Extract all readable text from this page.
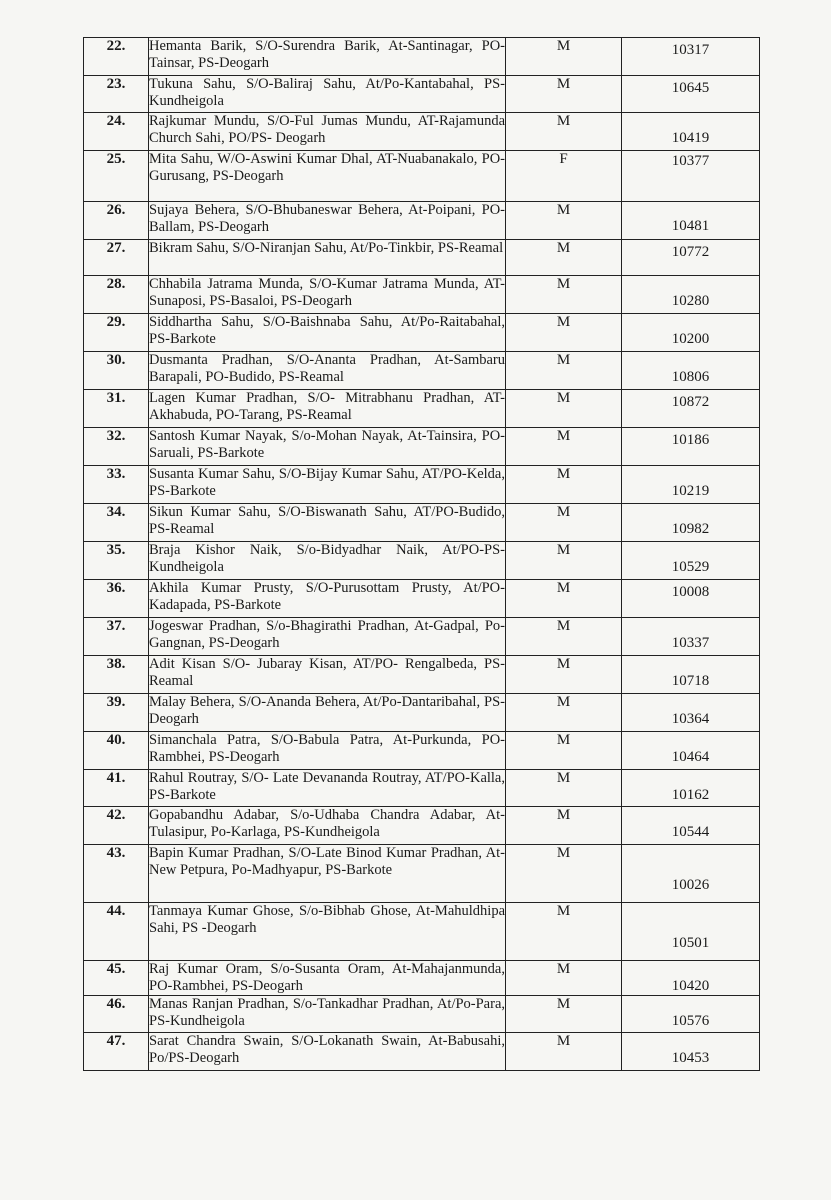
22.	Hemanta Barik, S/O-Surendra Barik, At-Santinagar, PO-Tainsar, PS-Deogarh	M	10317
23.	Tukuna Sahu, S/O-Baliraj Sahu, At/Po-Kantabahal, PS-Kundheigola	M	10645
24.	Rajkumar Mundu, S/O-Ful Jumas Mundu, AT-Rajamunda Church Sahi, PO/PS- Deogarh	M	10419
25.	Mita Sahu, W/O-Aswini Kumar Dhal, AT-Nuabanakalo, PO-Gurusang, PS-Deogarh	F	10377
26.	Sujaya Behera, S/O-Bhubaneswar Behera, At-Poipani, PO-Ballam, PS-Deogarh	M	10481
27.	Bikram Sahu, S/O-Niranjan Sahu, At/Po-Tinkbir, PS-Reamal	M	10772
28.	Chhabila Jatrama Munda, S/O-Kumar Jatrama Munda, AT-Sunaposi, PS-Basaloi, PS-Deogarh	M	10280
29.	Siddhartha Sahu, S/O-Baishnaba Sahu, At/Po-Raitabahal, PS-Barkote	M	10200
30.	Dusmanta Pradhan, S/O-Ananta Pradhan, At-Sambaru Barapali, PO-Budido, PS-Reamal	M	10806
31.	Lagen Kumar Pradhan, S/O- Mitrabhanu Pradhan, AT-Akhabuda, PO-Tarang, PS-Reamal	M	10872
32.	Santosh Kumar Nayak, S/o-Mohan Nayak, At-Tainsira, PO-Saruali, PS-Barkote	M	10186
33.	Susanta Kumar Sahu, S/O-Bijay Kumar Sahu, AT/PO-Kelda, PS-Barkote	M	10219
34.	Sikun Kumar Sahu, S/O-Biswanath Sahu, AT/PO-Budido, PS-Reamal	M	10982
35.	Braja Kishor Naik, S/o-Bidyadhar Naik, At/PO-PS-Kundheigola	M	10529
36.	Akhila Kumar Prusty, S/O-Purusottam Prusty, At/PO-Kadapada, PS-Barkote	M	10008
37.	Jogeswar Pradhan, S/o-Bhagirathi Pradhan, At-Gadpal, Po-Gangnan, PS-Deogarh	M	10337
38.	Adit Kisan S/O- Jubaray Kisan, AT/PO- Rengalbeda, PS- Reamal	M	10718
39.	Malay Behera, S/O-Ananda Behera, At/Po-Dantaribahal, PS-Deogarh	M	10364
40.	Simanchala Patra, S/O-Babula Patra, At-Purkunda, PO-Rambhei, PS-Deogarh	M	10464
41.	Rahul Routray, S/O- Late Devananda Routray, AT/PO-Kalla, PS-Barkote	M	10162
42.	Gopabandhu Adabar, S/o-Udhaba Chandra Adabar, At-Tulasipur, Po-Karlaga, PS-Kundheigola	M	10544
43.	Bapin Kumar Pradhan, S/O-Late Binod Kumar Pradhan, At-New Petpura, Po-Madhyapur, PS-Barkote	M	10026
44.	Tanmaya Kumar Ghose, S/o-Bibhab Ghose, At-Mahuldhipa Sahi, PS -Deogarh	M	10501
45.	Raj Kumar Oram, S/o-Susanta Oram, At-Mahajanmunda, PO-Rambhei, PS-Deogarh	M	10420
46.	Manas Ranjan Pradhan, S/o-Tankadhar Pradhan, At/Po-Para, PS-Kundheigola	M	10576
47.	Sarat Chandra Swain, S/O-Lokanath Swain, At-Babusahi, Po/PS-Deogarh	M	10453
